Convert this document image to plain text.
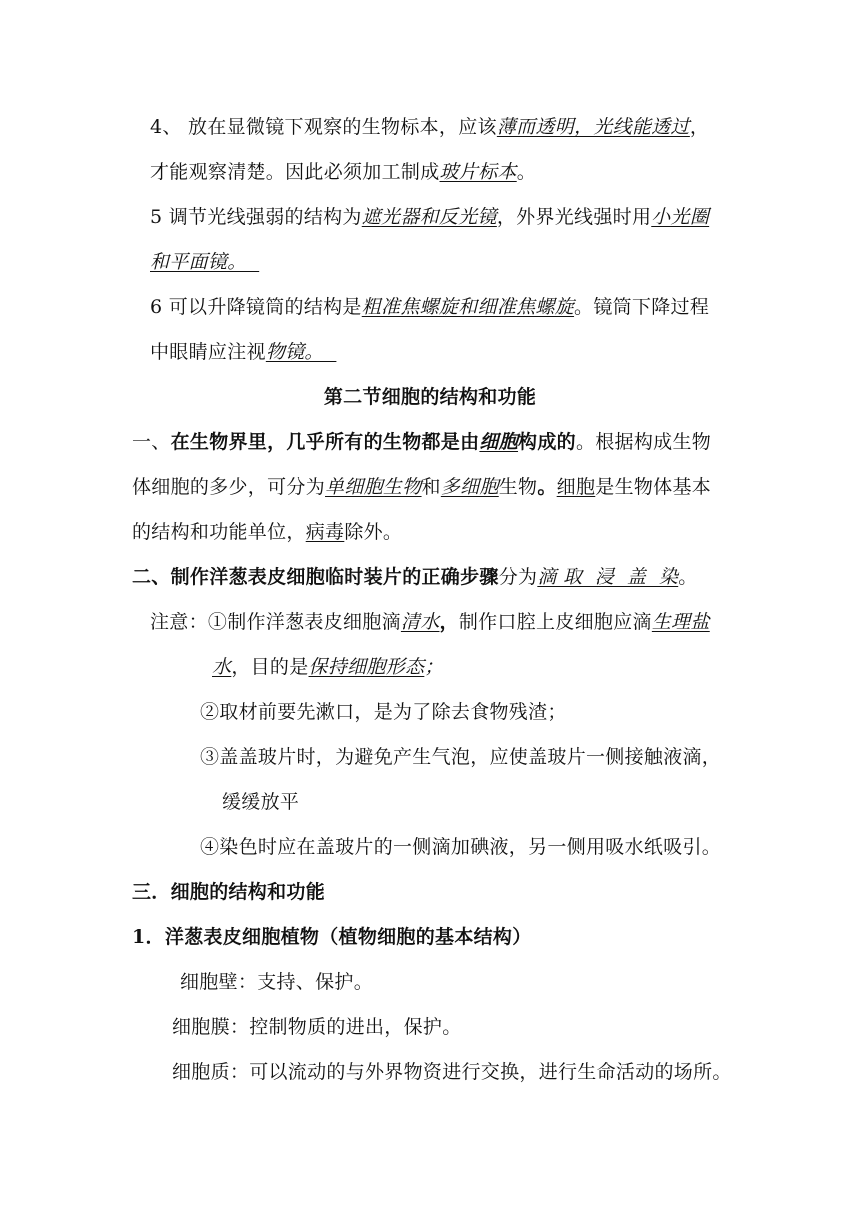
4、 放在显微镜下观察的生物标本，应该薄而透明，光线能透过，
才能观察清楚。因此必须加工制成玻片标本。
5 调节光线强弱的结构为遮光器和反光镜，外界光线强时用小光圈
和平面镜。
6 可以升降镜筒的结构是粗准焦螺旋和细准焦螺旋。镜筒下降过程
中眼睛应注视物镜。
第二节细胞的结构和功能
一、在生物界里，几乎所有的生物都是由细胞构成的。根据构成生物
体细胞的多少，可分为单细胞生物和多细胞生物。细胞是生物体基本
的结构和功能单位，病毒除外。
二、制作洋葱表皮细胞临时装片的正确步骤分为滴 取  浸  盖  染。
注意：①制作洋葱表皮细胞滴清水，制作口腔上皮细胞应滴生理盐
水，目的是保持细胞形态；
②取材前要先漱口，是为了除去食物残渣；
③盖盖玻片时，为避免产生气泡，应使盖玻片一侧接触液滴，
缓缓放平
④染色时应在盖玻片的一侧滴加碘液，另一侧用吸水纸吸引。
三．细胞的结构和功能
1．洋葱表皮细胞植物（植物细胞的基本结构）
细胞壁：支持、保护。
细胞膜：控制物质的进出，保护。
细胞质：可以流动的与外界物资进行交换，进行生命活动的场所。
